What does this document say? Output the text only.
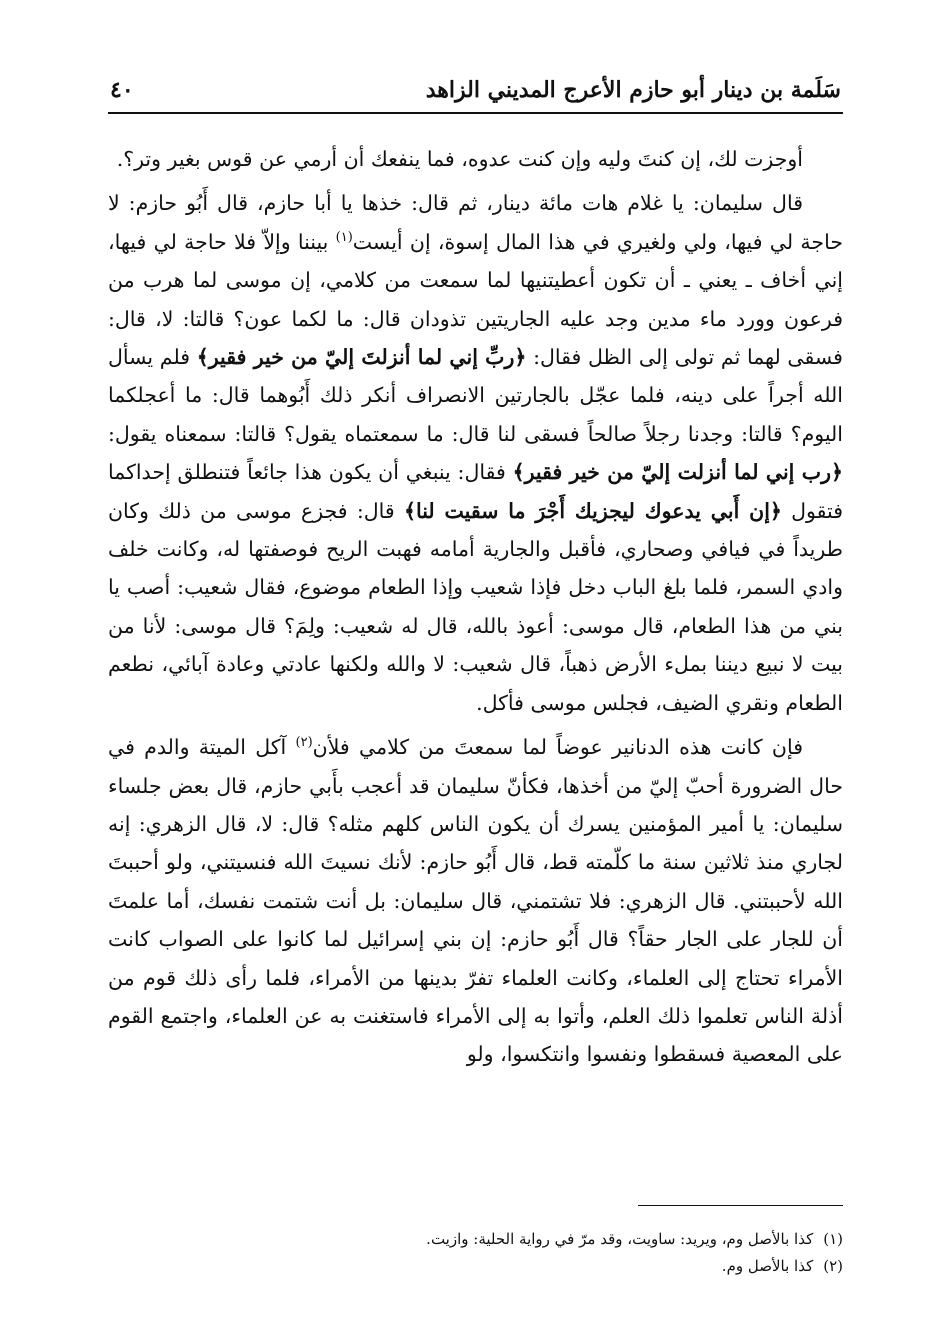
سَلَمة بن دينار أبو حازم الأعرج المديني الزاهد
٤٠

أوجزت لك، إن كنتَ وليه وإن كنت عدوه، فما ينفعك أن أرمي عن قوس بغير وتر؟.

قال سليمان: يا غلام هات مائة دينار، ثم قال: خذها يا أبا حازم، قال أَبُو حازم: لا حاجة لي فيها، ولي ولغيري في هذا المال إسوة، إن أيست$^{(١)}$ بيننا وإلاّ فلا حاجة لي فيها، إني أخاف ـ يعني ـ أن تكون أعطيتنيها لما سمعت من كلامي، إن موسى لما هرب من فرعون وورد ماء مدين وجد عليه الجاريتين تذودان قال: ما لكما عون؟ قالتا: لا، قال: فسقى لهما ثم تولى إلى الظل فقال: ﴿ربِّ إني لما أنزلتَ إليّ من خير فقير﴾ فلم يسأل الله أجراً على دينه، فلما عجّل بالجارتين الانصراف أنكر ذلك أَبُوهما قال: ما أعجلكما اليوم؟ قالتا: وجدنا رجلاً صالحاً فسقى لنا قال: ما سمعتماه يقول؟ قالتا: سمعناه يقول: ﴿رب إني لما أنزلت إليّ من خير فقير﴾ فقال: ينبغي أن يكون هذا جائعاً فتنطلق إحداكما فتقول ﴿إن أَبي يدعوك ليجزيك أَجْرَ ما سقيت لنا﴾ قال: فجزع موسى من ذلك وكان طريداً في فيافي وصحاري، فأقبل والجارية أمامه فهبت الريح فوصفتها له، وكانت خلف وادي السمر، فلما بلغ الباب دخل فإذا شعيب وإذا الطعام موضوع، فقال شعيب: أصب يا بني من هذا الطعام، قال موسى: أعوذ بالله، قال له شعيب: ولِمَ؟ قال موسى: لأنا من بيت لا نبيع ديننا بملء الأرض ذهباً، قال شعيب: لا والله ولكنها عادتي وعادة آبائي، نطعم الطعام ونقري الضيف، فجلس موسى فأكل.

فإن كانت هذه الدنانير عوضاً لما سمعتَ من كلامي فلأن$^{(٢)}$ آكل الميتة والدم في حال الضرورة أحبّ إليّ من أخذها، فكأنّ سليمان قد أعجب بأَبي حازم، قال بعض جلساء سليمان: يا أمير المؤمنين يسرك أن يكون الناس كلهم مثله؟ قال: لا، قال الزهري: إنه لجاري منذ ثلاثين سنة ما كلّمته قط، قال أَبُو حازم: لأنك نسيتَ الله فنسيتني، ولو أحببتَ الله لأحببتني. قال الزهري: فلا تشتمني، قال سليمان: بل أنت شتمت نفسك، أما علمتَ أن للجار على الجار حقاً؟ قال أَبُو حازم: إن بني إسرائيل لما كانوا على الصواب كانت الأمراء تحتاج إلى العلماء، وكانت العلماء تفرّ بدينها من الأمراء، فلما رأى ذلك قوم من أذلة الناس تعلموا ذلك العلم، وأتوا به إلى الأمراء فاستغنت به عن العلماء، واجتمع القوم على المعصية فسقطوا ونفسوا وانتكسوا، ولو

(١)كذا بالأصل وم، ويريد: ساويت، وقد مرّ في رواية الحلية: وازيت.
(٢)كذا بالأصل وم.
